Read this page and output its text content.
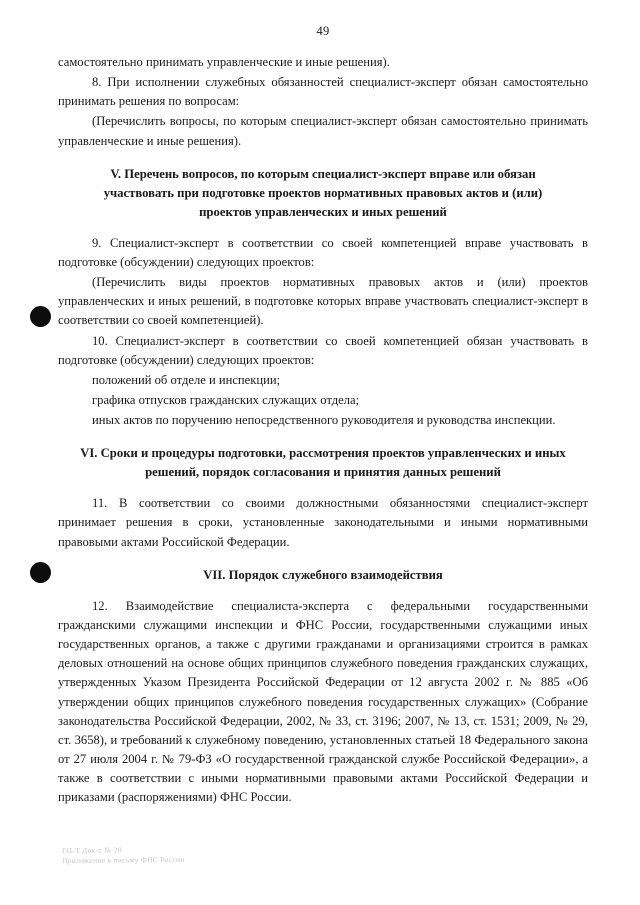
49

самостоятельно принимать управленческие и иные решения).

8. При исполнении служебных обязанностей специалист-эксперт обязан самостоятельно принимать решения по вопросам:

(Перечислить вопросы, по которым специалист-эксперт обязан самостоятельно принимать управленческие и иные решения).

V. Перечень вопросов, по которым специалист-эксперт вправе или обязан участвовать при подготовке проектов нормативных правовых актов и (или) проектов управленческих и иных решений

9. Специалист-эксперт в соответствии со своей компетенцией вправе участвовать в подготовке (обсуждении) следующих проектов:

(Перечислить виды проектов нормативных правовых актов и (или) проектов управленческих и иных решений, в подготовке которых вправе участвовать специалист-эксперт в соответствии со своей компетенцией).

10. Специалист-эксперт в соответствии со своей компетенцией обязан участвовать в подготовке (обсуждении) следующих проектов:

положений об отделе и инспекции;

графика отпусков гражданских служащих отдела;

иных актов по поручению непосредственного руководителя и руководства инспекции.

VI. Сроки и процедуры подготовки, рассмотрения проектов управленческих и иных решений, порядок согласования и принятия данных решений

11. В соответствии со своими должностными обязанностями специалист-эксперт принимает решения в сроки, установленные законодательными и иными нормативными правовыми актами Российской Федерации.

VII. Порядок служебного взаимодействия

12. Взаимодействие специалиста-эксперта с федеральными государственными гражданскими служащими инспекции и ФНС России, государственными служащими иных государственных органов, а также с другими гражданами и организациями строится в рамках деловых отношений на основе общих принципов служебного поведения гражданских служащих, утвержденных Указом Президента Российской Федерации от 12 августа 2002 г. № 885 «Об утверждении общих принципов служебного поведения государственных служащих» (Собрание законодательства Российской Федерации, 2002, № 33, ст. 3196; 2007, № 13, ст. 1531; 2009, № 29, ст. 3658), и требований к служебному поведению, установленных статьей 18 Федерального закона от 27 июля 2004 г. № 79-ФЗ «О государственной гражданской службе Российской Федерации», а также в соответствии с иными нормативными правовыми актами Российской Федерации и приказами (распоряжениями) ФНС России.

ГП-Т Док-т № 20
Приложение к письму ФНС России
